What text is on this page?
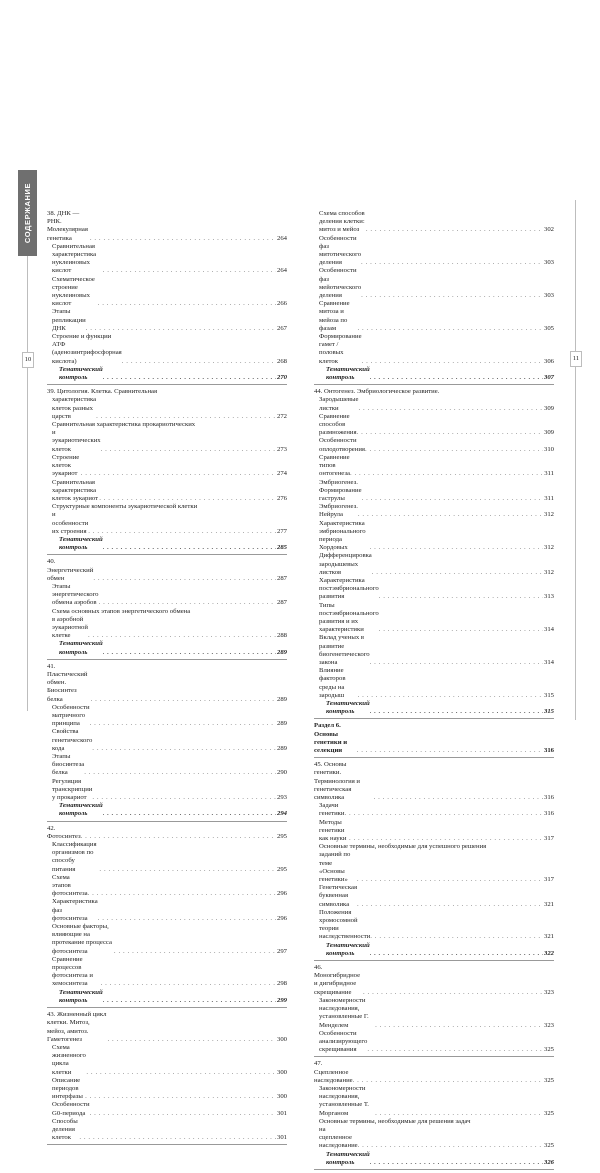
СОДЕРЖАНИЕ
10	11
38. ДНК — РНК. Молекулярная генетика . . .	264
Сравнительная характеристика нуклеиновых кислот . . .	264
Схематическое строение нуклеиновых кислот . . .	266
Этапы репликации ДНК . . .	267
Строение и функции АТФ (аденозинтрифосфорная кислота) . . .	268
Тематический контроль . . .	270
39. Цитология. Клетка. Сравнительная
характеристика клеток разных царств . . .	272
Сравнительная характеристика прокариотических
и эукариотических клеток . . .	273
Строение клеток эукариот . . .	274
Сравнительная характеристика клеток эукариот . . .	276
Структурные компоненты эукариотической клетки
и особенности их строения . . .	277
Тематический контроль . . .	285
40. Энергетический обмен . . .	287
Этапы энергетического обмена аэробов . . .	287
Схема основных этапов энергетического обмена
в аэробной эукариотной клетке . . .	288
Тематический контроль . . .	289
41. Пластический обмен. Биосинтез белка . . .	289
Особенности матричного принципа . . .	289
Свойства генетического кода . . .	289
Этапы биосинтеза белка . . .	290
Регуляция транскрипции у прокариот . . .	293
Тематический контроль . . .	294
42. Фотосинтез . . .	295
Классификация организмов по способу питания . . .	295
Схема этапов фотосинтеза . . .	296
Характеристика фаз фотосинтеза . . .	296
Основные факторы, влияющие на протекание процесса фотосинтеза . . .	297
Сравнение процессов фотосинтеза и хемосинтеза . . .	298
Тематический контроль . . .	299
43. Жизненный цикл клетки. Митоз, мейоз, амитоз. Гаметогенез . . .	300
Схема жизненного цикла клетки . . .	300
Описание периодов интерфазы . . .	300
Особенности G0-периода . . .	301
Способы деления клеток . . .	301
Схема способов деления клетки: митоз и мейоз . . .	302
Особенности фаз митотического деления . . .	303
Особенности фаз мейотического деления . . .	303
Сравнение митоза и мейоза по фазам . . .	305
Формирование гамет / половых клеток . . .	306
Тематический контроль . . .	307
44. Онтогенез. Эмбриологическое развитие.
Зародышевые листки . . .	309
Сравнение способов размножения . . .	309
Особенности оплодотворения . . .	310
Сравнение типов онтогенеза . . .	311
Эмбриогенез. Формирование гаструлы . . .	311
Эмбриогенез. Нейрула . . .	312
Характеристика эмбрионального периода Хордовых . . .	312
Дифференцировка зародышевых листков . . .	312
Характеристика постэмбрионального развития . . .	313
Типы постэмбрионального развития и их характеристики . . .	314
Вклад ученых в развитие биогенетического закона . . .	314
Влияние факторов среды на зародыш . . .	315
Тематический контроль . . .	315
Раздел 6. Основы генетики и селекции . . .	316
45. Основы генетики. Терминология и генетическая символика . . .	316
Задачи генетики . . .	316
Методы генетики как науки . . .	317
Основные термины, необходимые для успешного решения
заданий по теме «Основы генетики» . . .	317
Генетическая буквенная символика . . .	321
Положения хромосомной теории наследственности . . .	321
Тематический контроль . . .	322
46. Моногибридное и дигибридное скрещивание . . .	323
Закономерности наследования, установленные Г. Менделем . . .	323
Особенности анализирующего скрещивания . . .	325
47. Сцепленное наследование . . .	325
Закономерности наследования, установленные Т. Морганом . . .	325
Основные термины, необходимые для решения задач
на сцепленное наследование . . .	325
Тематический контроль . . .	326
